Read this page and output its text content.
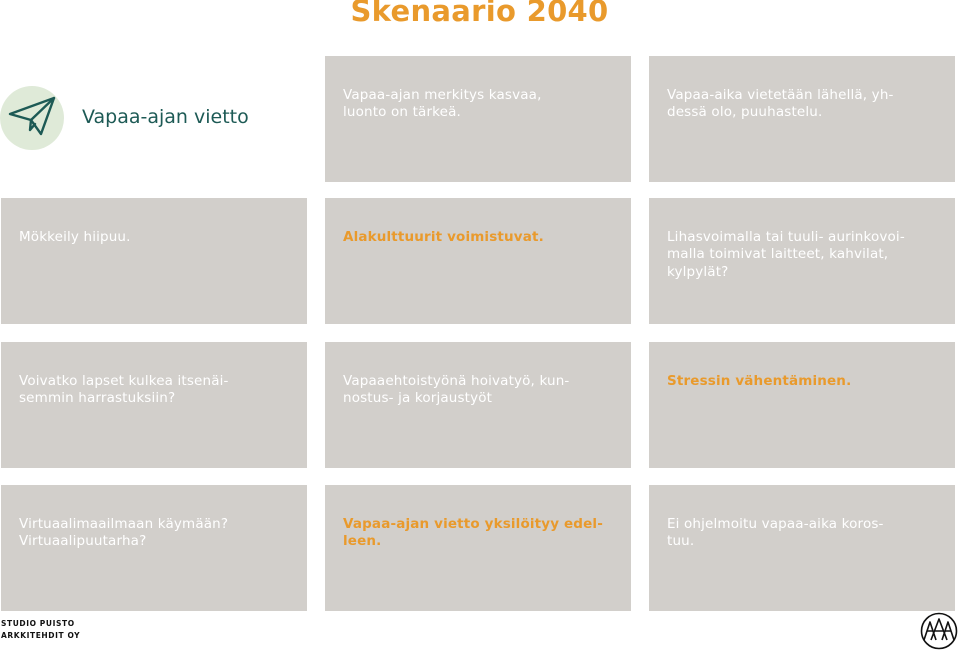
Skenaario 2040
Vapaa-ajan vietto

Vapaa-ajan merkitys kasvaa,
luonto on tärkeä.

Vapaa-aika vietetään lähellä, yh-
dessä olo, puuhastelu.

Mökkeily hiipuu.	Alakulttuurit voimistuvat.	Lihasvoimalla tai tuuli- aurinkovoi-
malla toimivat laitteet, kahvilat,
kylpylät?

Voivatko lapset kulkea itsenäi-
semmin harrastuksiin?

Vapaaehtoistyönä hoivatyö, kun-
nostus- ja korjaustyöt

Stressin vähentäminen.

Virtuaalimaailmaan käymään?
Virtuaalipuutarha?

Vapaa-ajan vietto yksilöityy edel-
leen.

Ei ohjelmoitu vapaa-aika koros-
tuu.

STUDIO PUISTO
ARKKITEHDIT OY
